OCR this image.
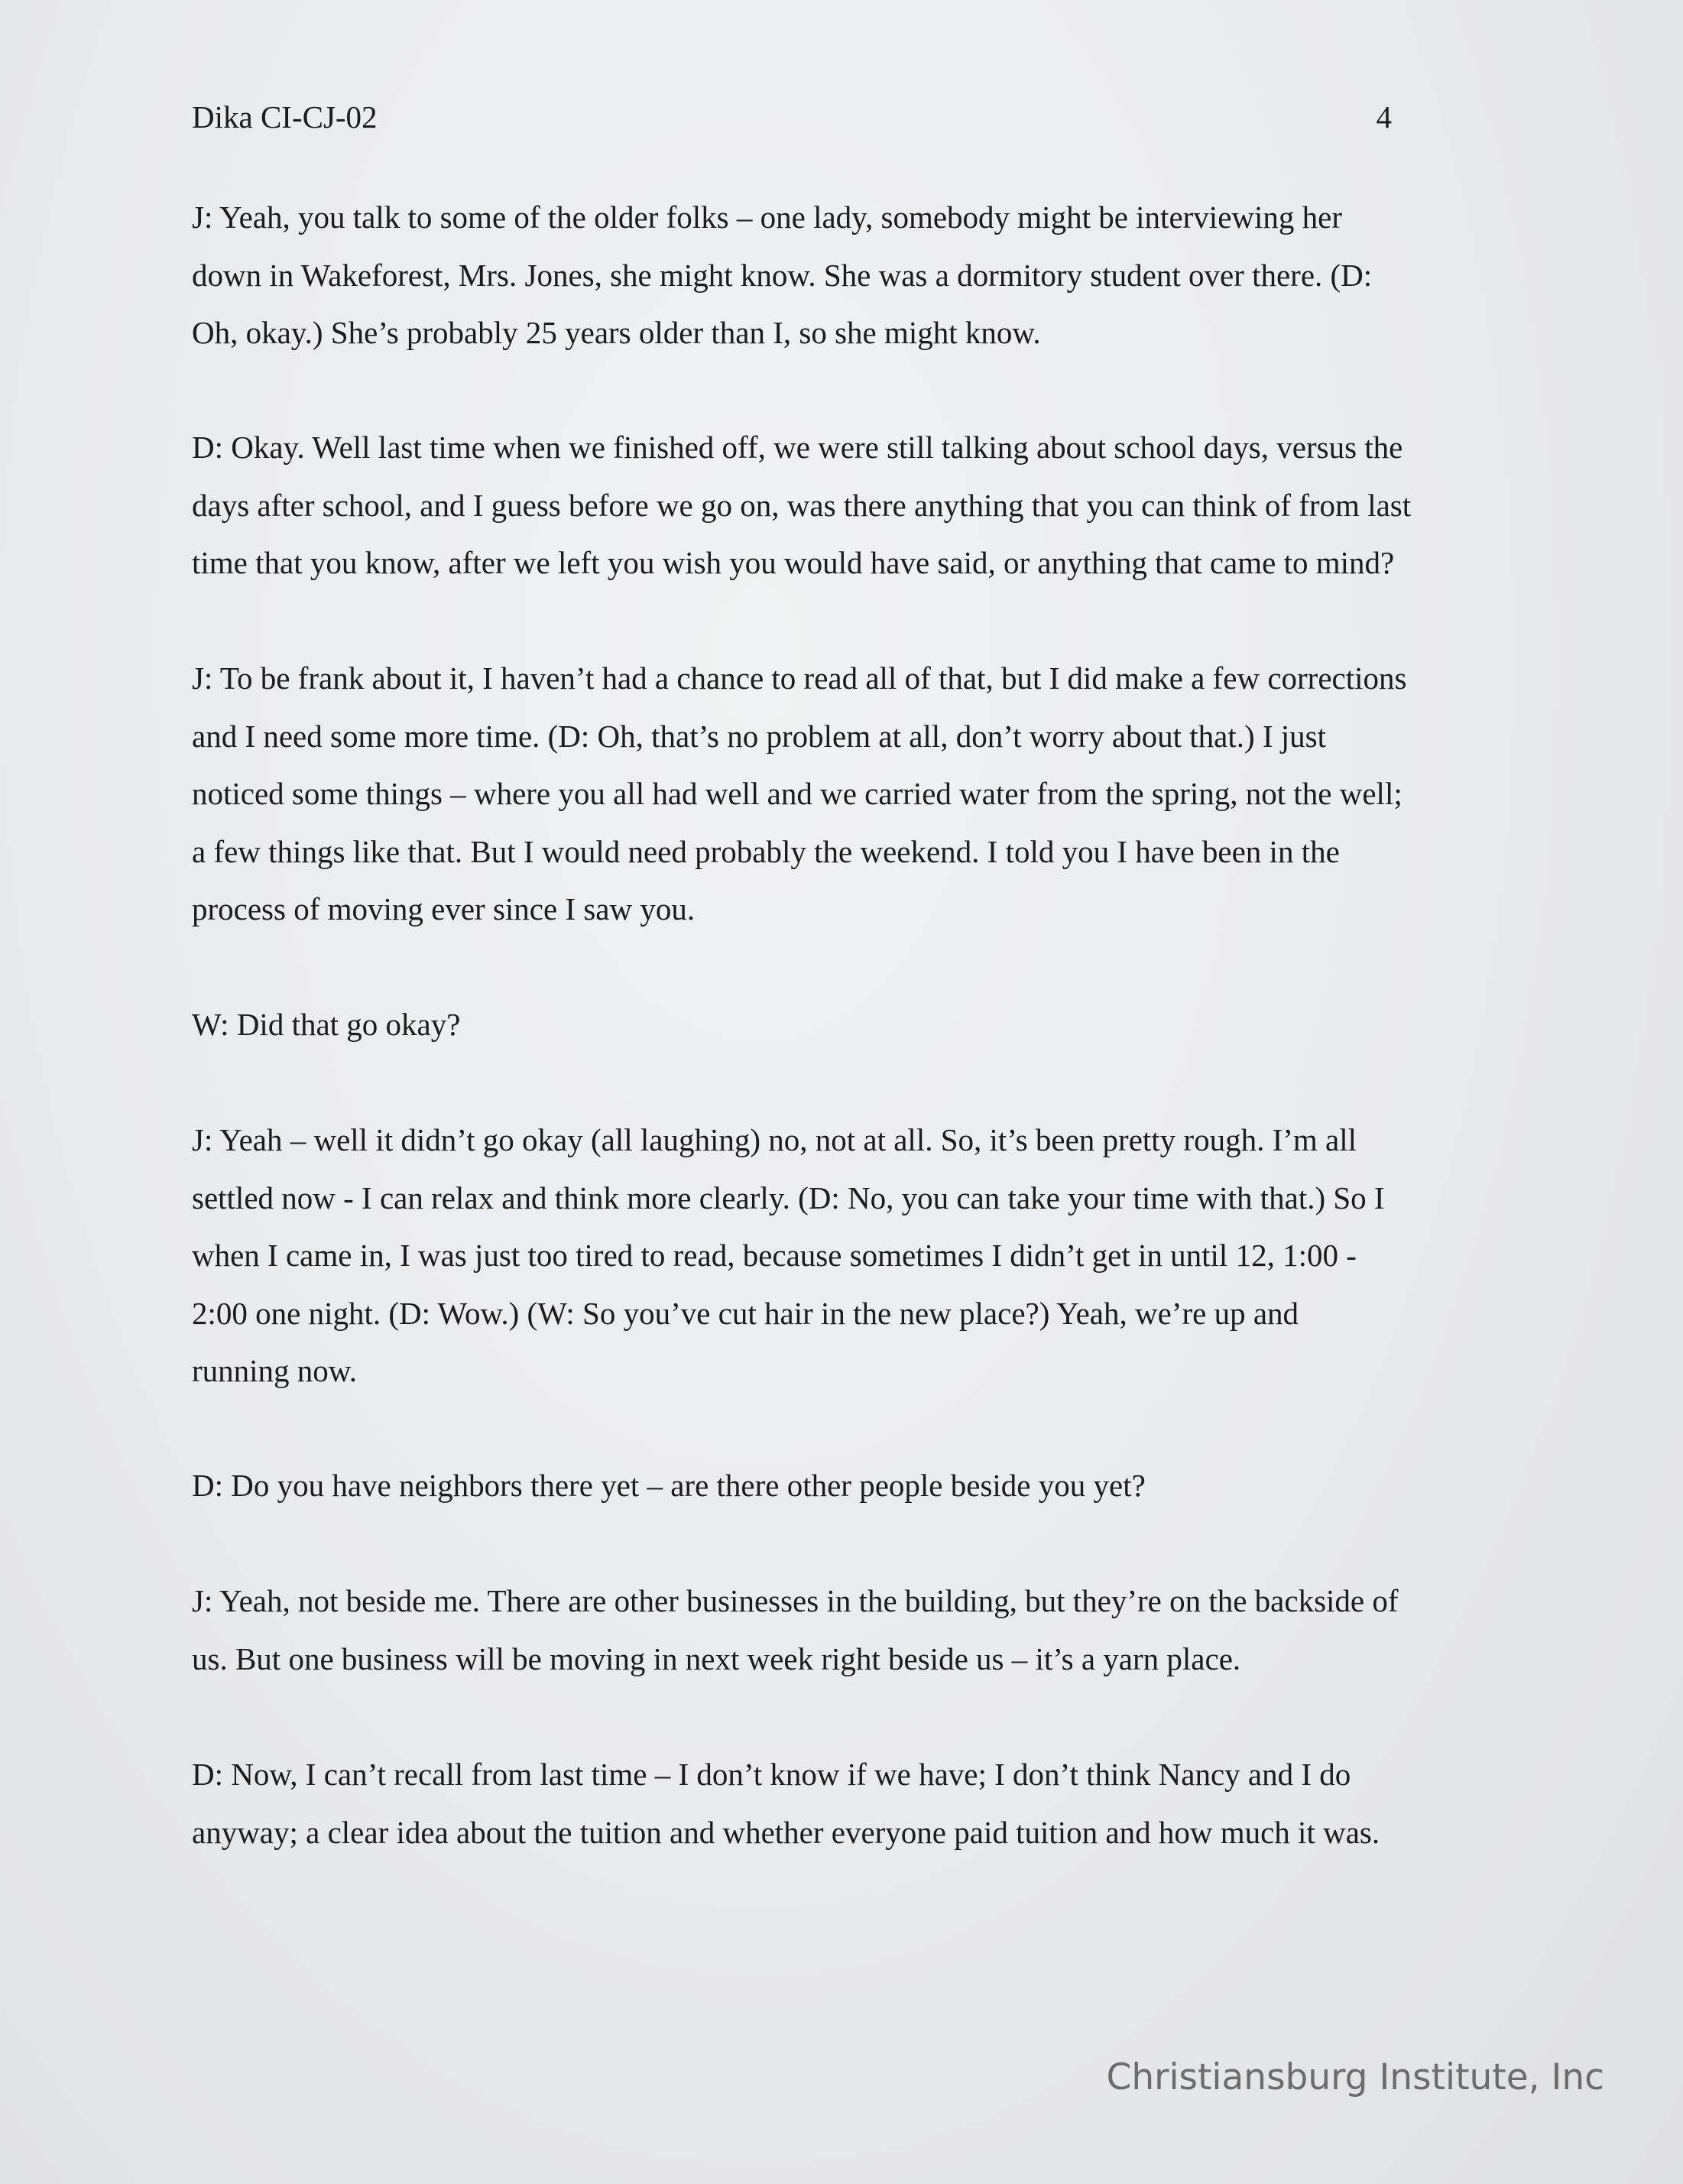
Dika CI-CJ-02	4

J: Yeah, you talk to some of the older folks – one lady, somebody might be interviewing her
down in Wakeforest, Mrs. Jones, she might know. She was a dormitory student over there. (D:
Oh, okay.) She’s probably 25 years older than I, so she might know.

D: Okay. Well last time when we finished off, we were still talking about school days, versus the
days after school, and I guess before we go on, was there anything that you can think of from last
time that you know, after we left you wish you would have said, or anything that came to mind?

J: To be frank about it, I haven’t had a chance to read all of that, but I did make a few corrections
and I need some more time. (D: Oh, that’s no problem at all, don’t worry about that.) I just
noticed some things – where you all had well and we carried water from the spring, not the well;
a few things like that. But I would need probably the weekend. I told you I have been in the
process of moving ever since I saw you.

W: Did that go okay?

J: Yeah – well it didn’t go okay (all laughing) no, not at all. So, it’s been pretty rough. I’m all
settled now - I can relax and think more clearly. (D: No, you can take your time with that.) So I
when I came in, I was just too tired to read, because sometimes I didn’t get in until 12, 1:00 -
2:00 one night. (D: Wow.) (W: So you’ve cut hair in the new place?) Yeah, we’re up and
running now.

D: Do you have neighbors there yet – are there other people beside you yet?

J: Yeah, not beside me. There are other businesses in the building, but they’re on the backside of
us. But one business will be moving in next week right beside us – it’s a yarn place.

D: Now, I can’t recall from last time – I don’t know if we have; I don’t think Nancy and I do
anyway; a clear idea about the tuition and whether everyone paid tuition and how much it was.

Christiansburg Institute, Inc
